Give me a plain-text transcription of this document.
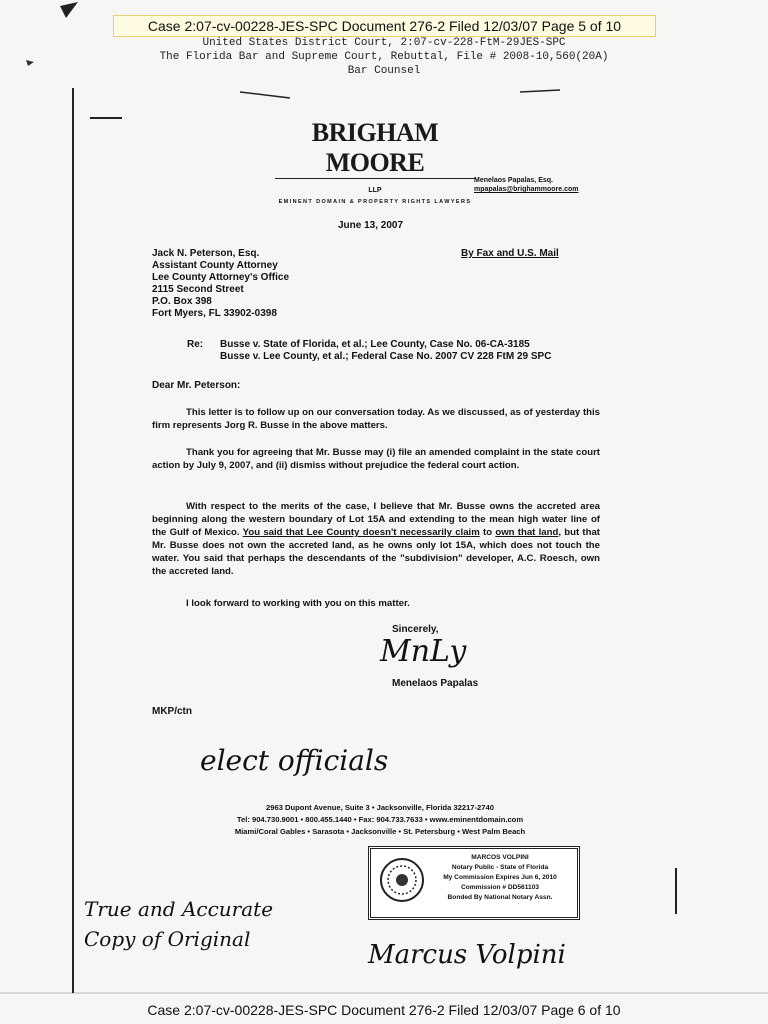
Case 2:07-cv-00228-JES-SPC Document 276-2 Filed 12/03/07 Page 5 of 10
United States District Court, 2:07-cv-228-FtM-29JES-SPC
The Florida Bar and Supreme Court, Rebuttal, File # 2008-10,560(20A)
Bar Counsel
BRIGHAM MOORELLP
EMINENT DOMAIN & PROPERTY RIGHTS LAWYERS
Menelaos Papalas, Esq.
mpapalas@brighammoore.com
June 13, 2007
Jack N. Peterson, Esq.
Assistant County Attorney
Lee County Attorney's Office
2115 Second Street
P.O. Box 398
Fort Myers, FL 33902-0398
By Fax and U.S. Mail
Re: Busse v. State of Florida, et al.; Lee County, Case No. 06-CA-3185
Busse v. Lee County, et al.; Federal Case No. 2007 CV 228 FtM 29 SPC
Dear Mr. Peterson:
This letter is to follow up on our conversation today. As we discussed, as of yesterday this firm represents Jorg R. Busse in the above matters.
Thank you for agreeing that Mr. Busse may (i) file an amended complaint in the state court action by July 9, 2007, and (ii) dismiss without prejudice the federal court action.
With respect to the merits of the case, I believe that Mr. Busse owns the accreted area beginning along the western boundary of Lot 15A and extending to the mean high water line of the Gulf of Mexico. You said that Lee County doesn't necessarily claim to own that land, but that Mr. Busse does not own the accreted land, as he owns only lot 15A, which does not touch the water. You said that perhaps the descendants of the "subdivision" developer, A.C. Roesch, own the accreted land.
I look forward to working with you on this matter.
Sincerely,
MnLy
Menelaos Papalas
MKP/ctn
elect officials
2963 Dupont Avenue, Suite 3 • Jacksonville, Florida 32217-2740
Tel: 904.730.9001 • 800.455.1440 • Fax: 904.733.7633 • www.eminentdomain.com
Miami/Coral Gables • Sarasota • Jacksonville • St. Petersburg • West Palm Beach
MARCOS VOLPINI
Notary Public - State of Florida
My Commission Expires Jun 6, 2010
Commission # DD561103
Bonded By National Notary Assn.
True and Accurate
Copy of Original
Marcus Volpini
Case 2:07-cv-00228-JES-SPC Document 276-2 Filed 12/03/07 Page 6 of 10
